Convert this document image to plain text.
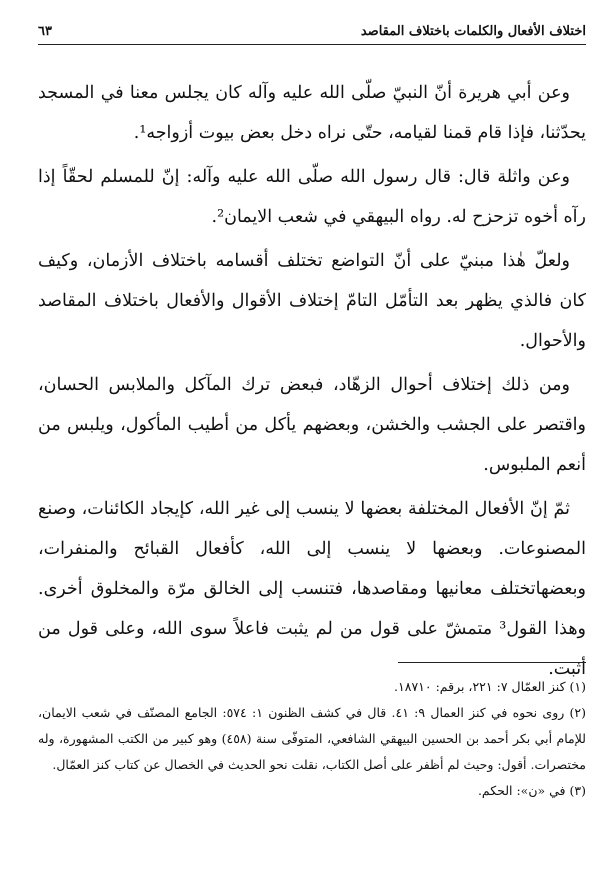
اختلاف الأفعال والكلمات باختلاف المقاصد
٦٣

وعن أبي هريرة أنّ النبيّ صلّى الله عليه وآله كان يجلس معنا في المسجد يحدّثنا، فإذا قام قمنا لقيامه، حتّى نراه دخل بعض بيوت أزواجه¹.

وعن واثلة قال: قال رسول الله صلّى الله عليه وآله: إنّ للمسلم لحقّاً إذا رآه أخوه تزحزح له. رواه البيهقي في شعب الايمان².

ولعلّ هٰذا مبنيّ على أنّ التواضع تختلف أقسامه باختلاف الأزمان، وكيف كان فالذي يظهر بعد التأمّل التامّ إختلاف الأقوال والأفعال باختلاف المقاصد والأحوال.

ومن ذلك إختلاف أحوال الزهّاد، فبعض ترك المآكل والملابس الحسان، واقتصر على الجشب والخشن، وبعضهم يأكل من أطيب المأكول، ويلبس من أنعم الملبوس.

ثمّ إنّ الأفعال المختلفة بعضها لا ينسب إلى غير الله، كإيجاد الكائنات، وصنع المصنوعات. وبعضها لا ينسب إلى الله، كأفعال القبائح والمنفرات، وبعضهاتختلف معانيها ومقاصدها، فتنسب إلى الخالق مرّة والمخلوق أخرى. وهذا القول³ متمشّ على قول من لم يثبت فاعلاً سوى الله، وعلى قول من أثبت.

(١) كنز العمّال ٧: ٢٢١، برقم: ١٨٧١٠.

(٢) روى نحوه في كنز العمال ٩: ٤١. قال في كشف الظنون ١: ٥٧٤: الجامع المصنّف في شعب الايمان، للإمام أبي بكر أحمد بن الحسين البيهقي الشافعي، المتوفّى سنة (٤٥٨) وهو كبير من الكتب المشهورة، وله مختصرات. أقول: وحيث لم أظفر على أصل الكتاب، نقلت نحو الحديث في الخصال عن كتاب كنز العمّال.

(٣) في «ن»: الحكم.
